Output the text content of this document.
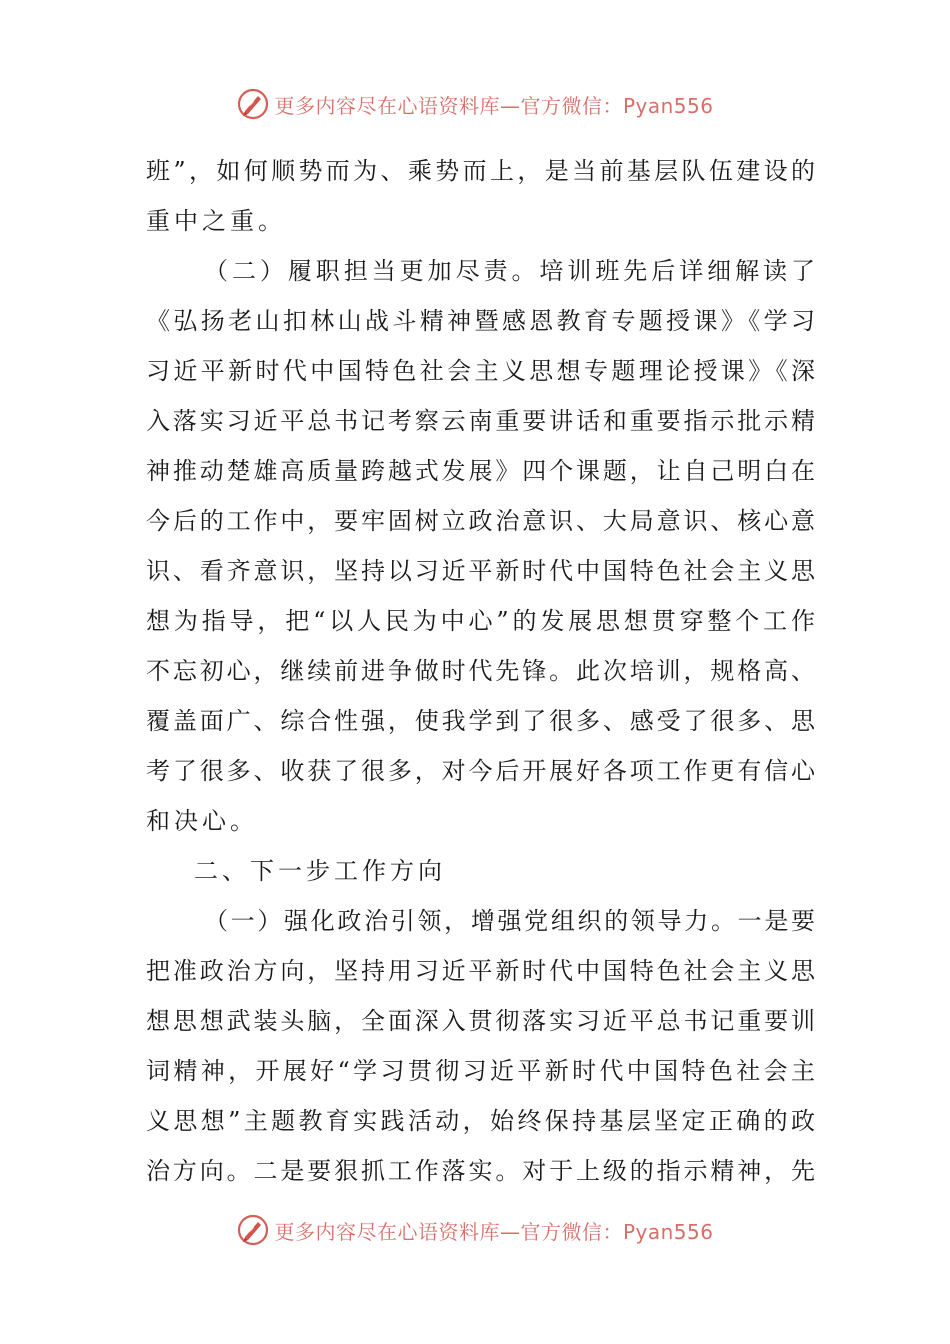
更多内容尽在心语资料库—官方微信：Pyan556
班”，如何顺势而为、乘势而上，是当前基层队伍建设的
重中之重。
（二）履职担当更加尽责。培训班先后详细解读了
《弘扬老山扣林山战斗精神暨感恩教育专题授课》《学习
习近平新时代中国特色社会主义思想专题理论授课》《深
入落实习近平总书记考察云南重要讲话和重要指示批示精
神推动楚雄高质量跨越式发展》四个课题，让自己明白在
今后的工作中，要牢固树立政治意识、大局意识、核心意
识、看齐意识，坚持以习近平新时代中国特色社会主义思
想为指导，把“以人民为中心”的发展思想贯穿整个工作
不忘初心，继续前进争做时代先锋。此次培训，规格高、
覆盖面广、综合性强，使我学到了很多、感受了很多、思
考了很多、收获了很多，对今后开展好各项工作更有信心
和决心。
二、下一步工作方向
（一）强化政治引领，增强党组织的领导力。一是要
把准政治方向，坚持用习近平新时代中国特色社会主义思
想思想武装头脑，全面深入贯彻落实习近平总书记重要训
词精神，开展好“学习贯彻习近平新时代中国特色社会主
义思想”主题教育实践活动，始终保持基层坚定正确的政
治方向。二是要狠抓工作落实。对于上级的指示精神，先
更多内容尽在心语资料库—官方微信：Pyan556
